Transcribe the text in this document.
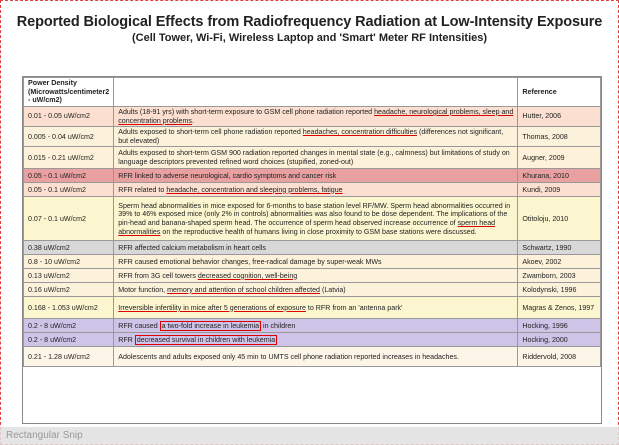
Reported Biological Effects from Radiofrequency Radiation at Low-Intensity Exposure
(Cell Tower, Wi-Fi, Wireless Laptop and 'Smart' Meter RF Intensities)
Power Density
(Microwatts/centimeter2 - uW/cm2)		Reference
0.01 - 0.05 uW/cm2	Adults (18-91 yrs) with short-term exposure to GSM cell phone radiation reported headache, neurological problems, sleep and concentration problems.	Hutter, 2006
0.005 - 0.04 uW/cm2	Adults exposed to short-term cell phone radiation reported headaches, concentration difficulties (differences not significant, but elevated)	Thomas, 2008
0.015 - 0.21 uW/cm2	Adults exposed to short-term GSM 900 radiation reported changes in mental state (e.g., calmness) but limitations of study on language descriptors prevented refined word choices (stupified, zoned-out)	Augner, 2009
0.05 - 0.1 uW/cm2	RFR linked to adverse neurological, cardio symptoms and cancer risk	Khurana, 2010
0.05 - 0.1 uW/cm2	RFR related to headache, concentration and sleeping problems, fatigue	Kundi, 2009
0.07 - 0.1 uW/cm2	Sperm head abnormalities in mice exposed for 6-months to base station level RF/MW. Sperm head abnormalities occurred in 39% to 46% exposed mice (only 2% in controls) abnormalities was also found to be dose dependent. The implications of the pin-head and banana-shaped sperm head. The occurrence of sperm head observed increase occurrence of sperm head abnormalities on the reproductive health of humans living in close proximity to GSM base stations were discussed.	Otitoloju, 2010
0.38 uW/cm2	RFR affected calcium metabolism in heart cells	Schwartz, 1990
0.8 - 10 uW/cm2	RFR caused emotional behavior changes, free-radical damage by super-weak MWs	Akoev, 2002
0.13 uW/cm2	RFR from 3G cell towers decreased cognition, well-being	Zwamborn, 2003
0.16 uW/cm2	Motor function, memory and attention of school children affected (Latvia)	Kolodynski, 1996
0.168 - 1.053 uW/cm2	Irreversible infertility in mice after 5 generations of exposure to RFR from an 'antenna park'	Magras & Zenos, 1997
0.2 - 8 uW/cm2	RFR caused a two-fold increase in leukemia in children	Hocking, 1996
0.2 - 8 uW/cm2	RFR decreased survival in children with leukemia	Hocking, 2000
0.21 - 1.28 uW/cm2	Adolescents and adults exposed only 45 min to UMTS cell phone radiation reported increases in headaches.	Riddervold, 2008
Rectangular Snip
